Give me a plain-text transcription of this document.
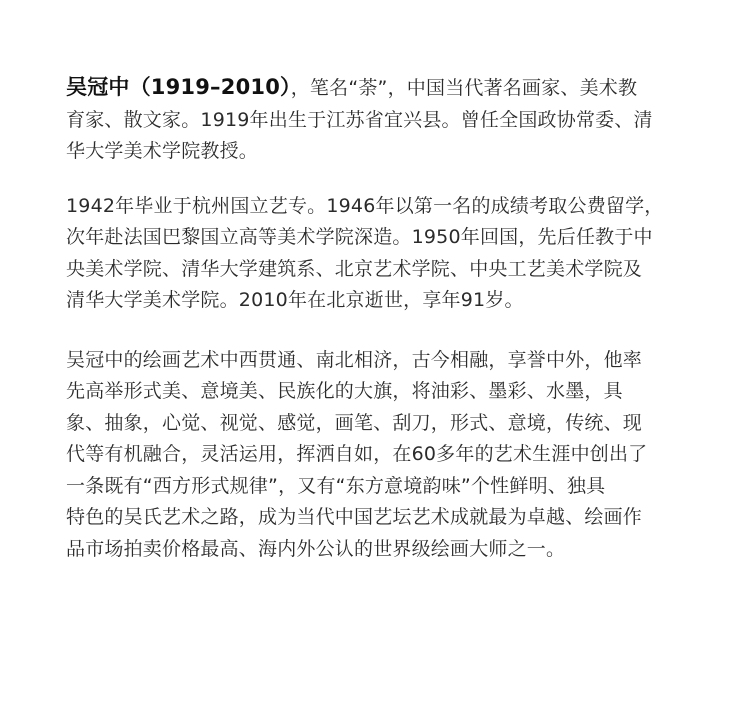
吴冠中（1919–2010），笔名“荼”，中国当代著名画家、美术教
育家、散文家。1919年出生于江苏省宜兴县。曾任全国政协常委、清
华大学美术学院教授。

1942年毕业于杭州国立艺专。1946年以第一名的成绩考取公费留学，
次年赴法国巴黎国立高等美术学院深造。1950年回国，先后任教于中
央美术学院、清华大学建筑系、北京艺术学院、中央工艺美术学院及
清华大学美术学院。2010年在北京逝世，享年91岁。

吴冠中的绘画艺术中西贯通、南北相济，古今相融，享誉中外，他率
先高举形式美、意境美、民族化的大旗，将油彩、墨彩、水墨，具
象、抽象，心觉、视觉、感觉，画笔、刮刀，形式、意境，传统、现
代等有机融合，灵活运用，挥洒自如，在60多年的艺术生涯中创出了
一条既有“西方形式规律”，又有“东方意境韵味”个性鲜明、独具
特色的吴氏艺术之路，成为当代中国艺坛艺术成就最为卓越、绘画作
品市场拍卖价格最高、海内外公认的世界级绘画大师之一。
